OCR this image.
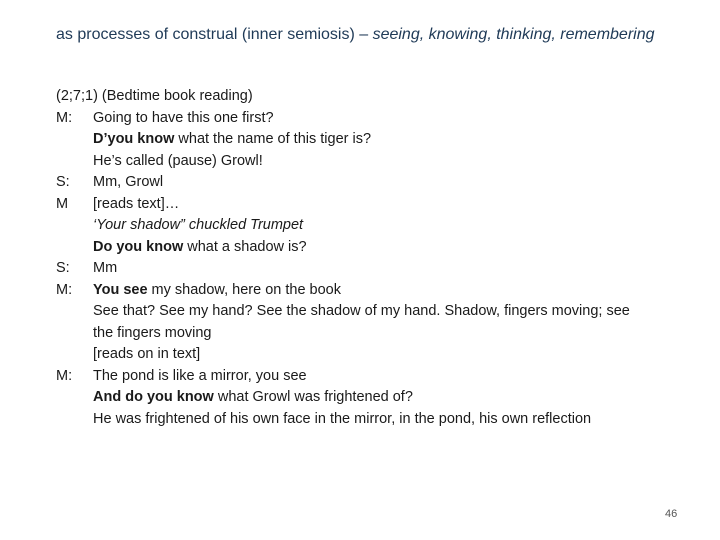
as processes of construal (inner semiosis) – seeing, knowing, thinking, remembering
(2;7;1) (Bedtime book reading)
M:	Going to have this one first?
D’you know what the name of this tiger is?
He’s called (pause) Growl!
S:	Mm, Growl
M	[reads text]…
‘Your shadow” chuckled Trumpet
Do you know what a shadow is?
S:	Mm
M:	You see my shadow, here on the book
See that? See my hand? See the shadow of my hand. Shadow, fingers moving; see the fingers moving
[reads on in text]
M:	The pond is like a mirror, you see
And do you know what Growl was frightened of?
He was frightened of his own face in the mirror, in the pond, his own reflection
46
